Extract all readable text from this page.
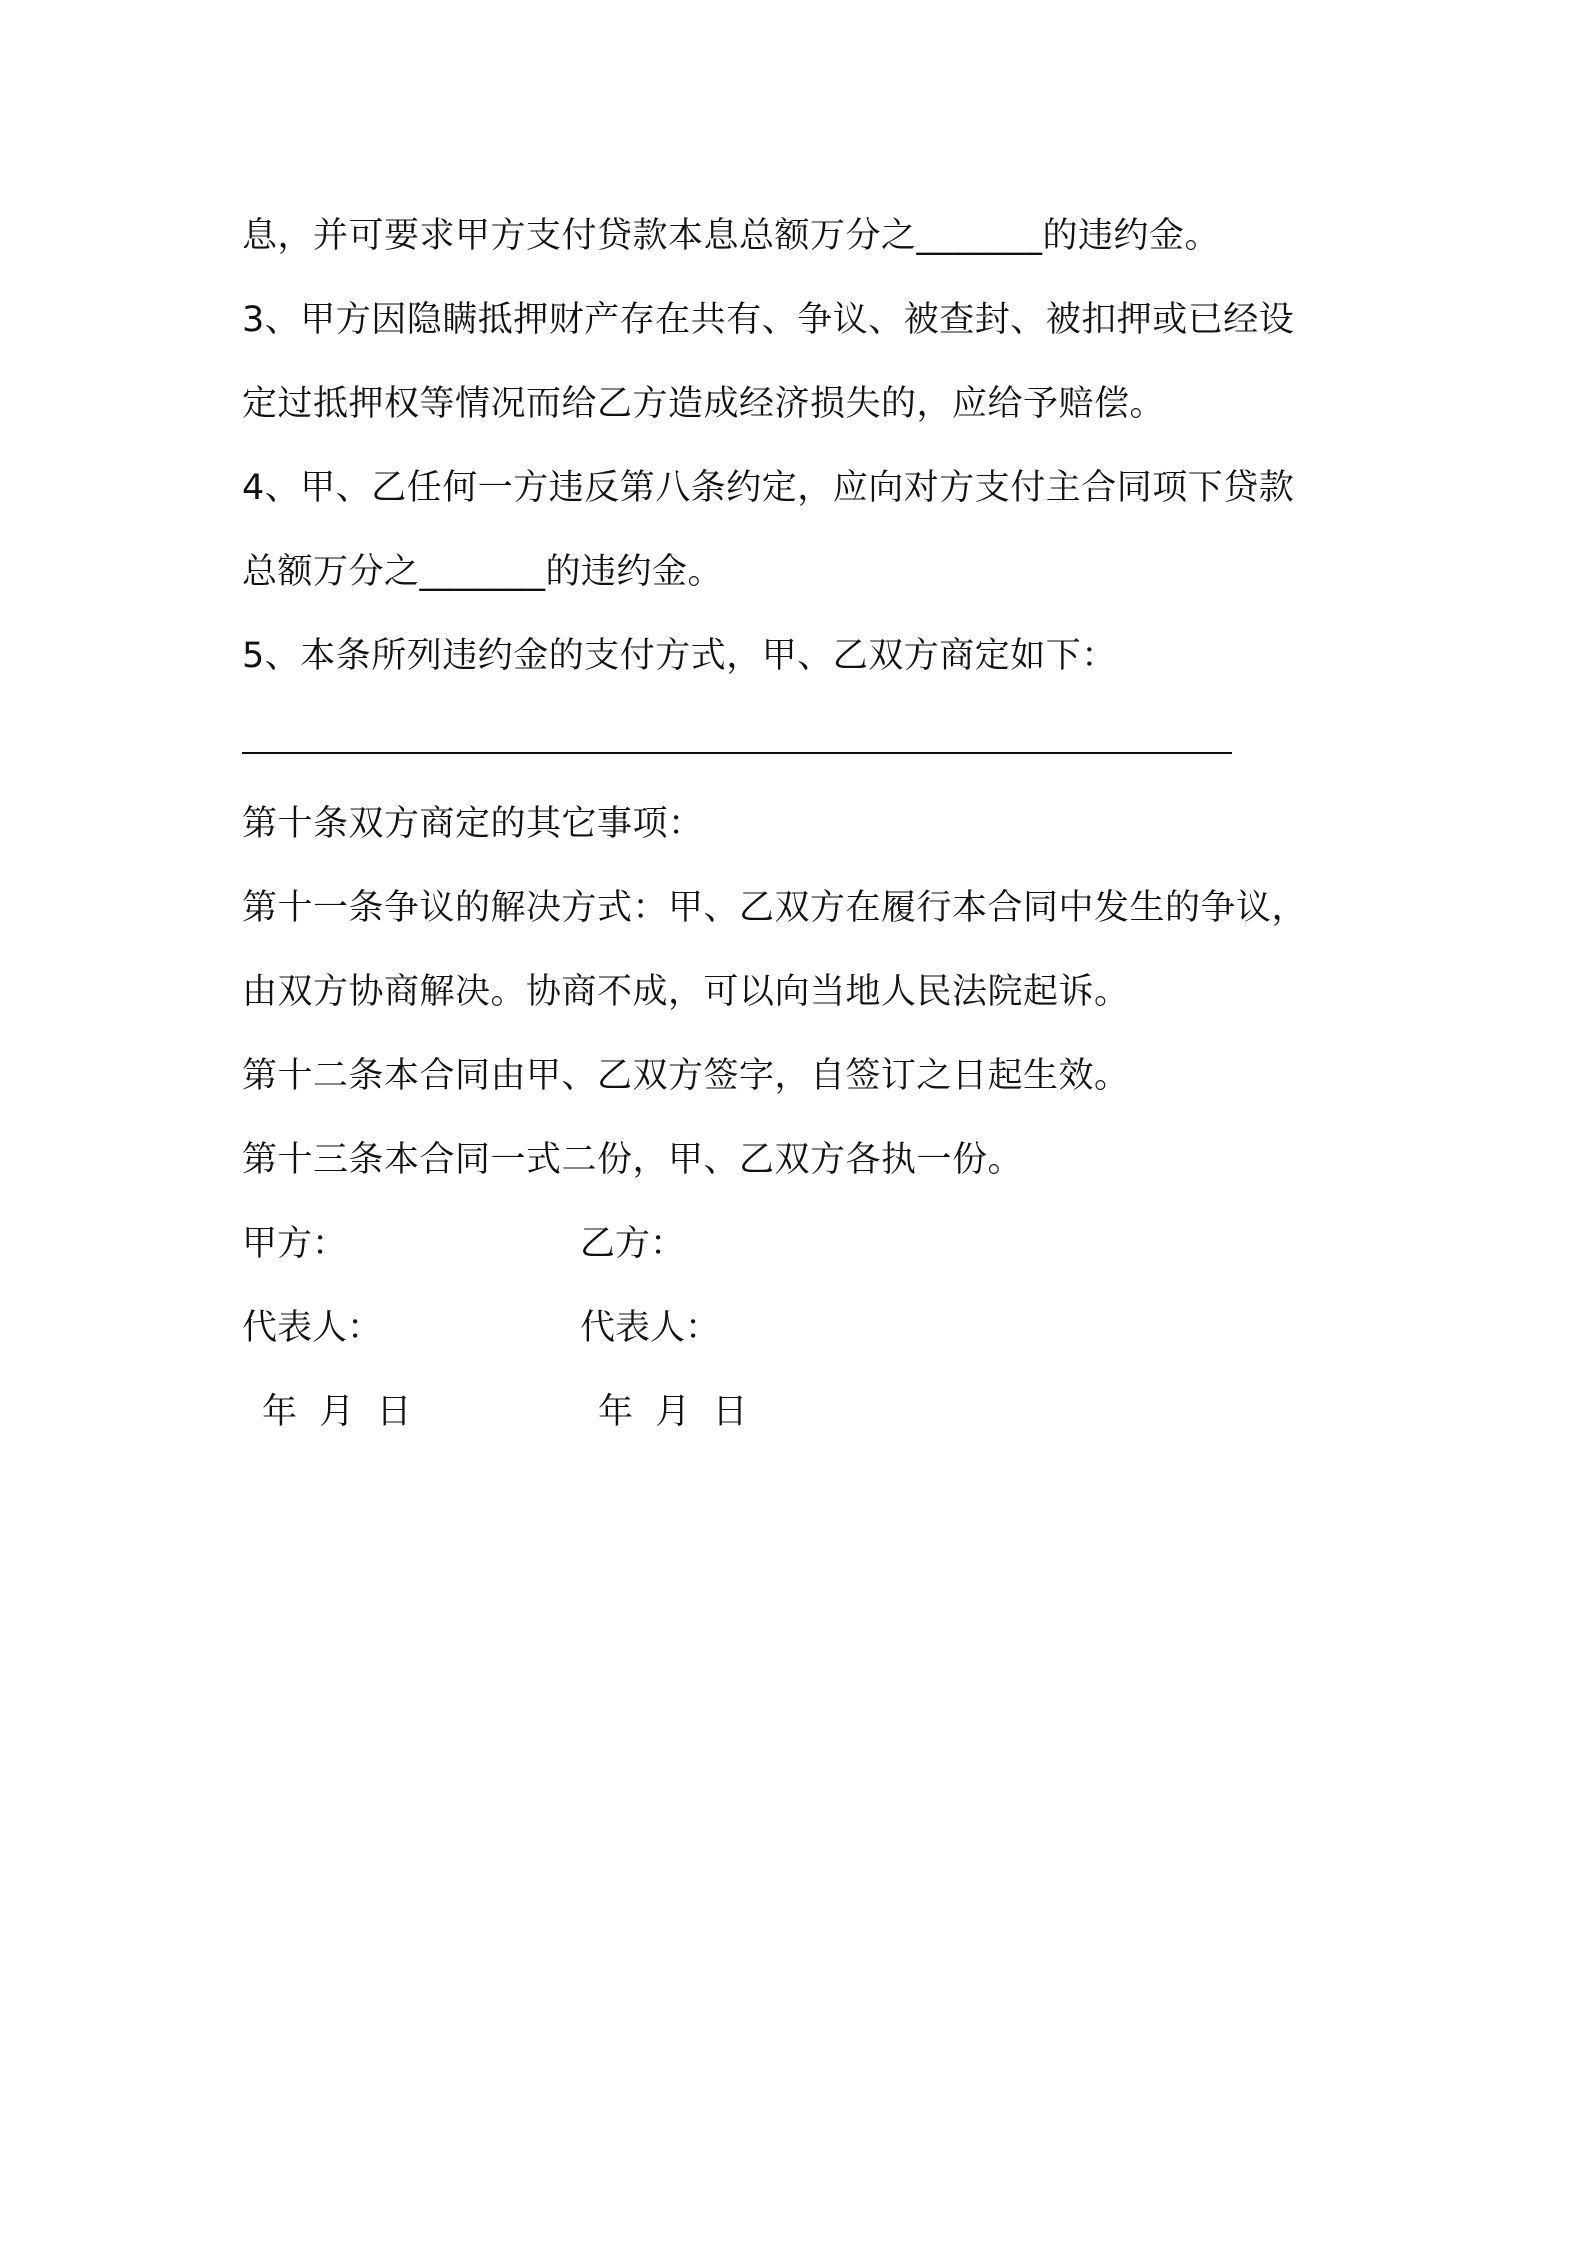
息，并可要求甲方支付贷款本息总额万分之_______的违约金。
3、甲方因隐瞒抵押财产存在共有、争议、被查封、被扣押或已经设
定过抵押权等情况而给乙方造成经济损失的，应给予赔偿。
4、甲、乙任何一方违反第八条约定，应向对方支付主合同项下贷款
总额万分之_______的违约金。
5、本条所列违约金的支付方式，甲、乙双方商定如下：
第十条双方商定的其它事项：
第十一条争议的解决方式：甲、乙双方在履行本合同中发生的争议，
由双方协商解决。协商不成，可以向当地人民法院起诉。
第十二条本合同由甲、乙双方签字，自签订之日起生效。
第十三条本合同一式二份，甲、乙双方各执一份。
甲方：	乙方：
代表人：	代表人：
年  月  日	年  月  日
